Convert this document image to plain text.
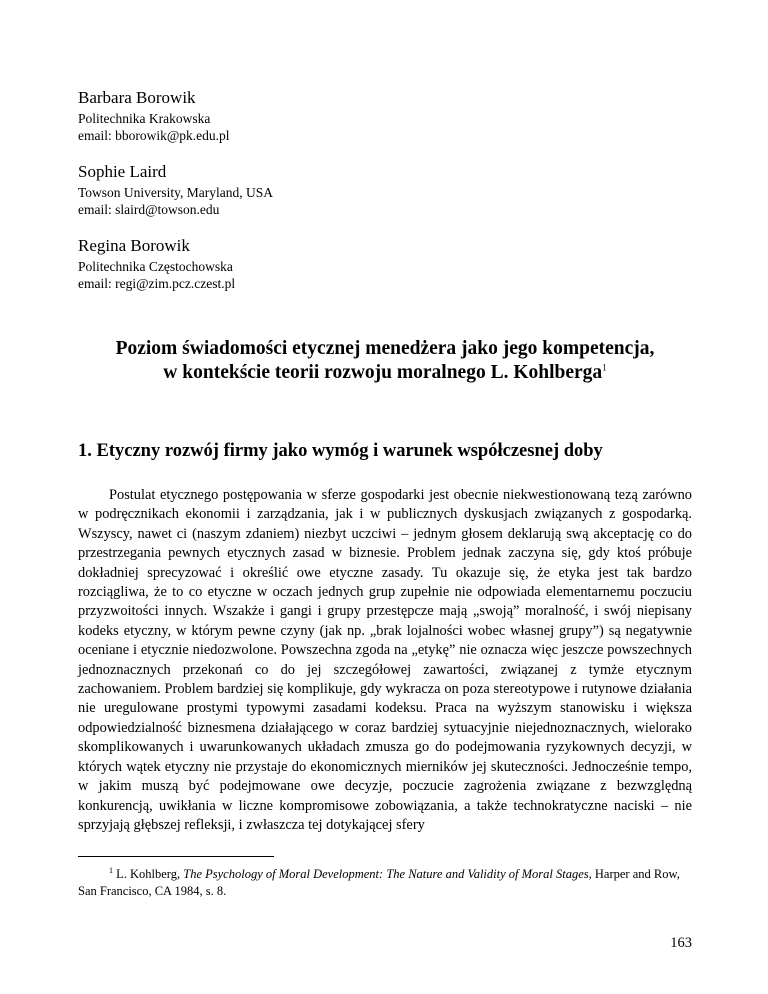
Barbara Borowik

Politechnika Krakowska

email: bborowik@pk.edu.pl

Sophie Laird

Towson University, Maryland, USA

email: slaird@towson.edu

Regina Borowik

Politechnika Częstochowska

email: regi@zim.pcz.czest.pl

Poziom świadomości etycznej menedżera jako jego kompetencja,
w kontekście teorii rozwoju moralnego L. Kohlberga$^1$
1. Etyczny rozwój firmy jako wymóg i warunek współczesnej doby

Postulat etycznego postępowania w sferze gospodarki jest obecnie niekwestionowaną tezą zarówno w podręcznikach ekonomii i zarządzania, jak i w publicznych dyskusjach związanych z gospodarką. Wszyscy, nawet ci (naszym zdaniem) niezbyt uczciwi – jednym głosem deklarują swą akceptację co do przestrzegania pewnych etycznych zasad w biznesie. Problem jednak zaczyna się, gdy ktoś próbuje dokładniej sprecyzować i określić owe etyczne zasady. Tu okazuje się, że etyka jest tak bardzo rozciągliwa, że to co etyczne w oczach jednych grup zupełnie nie odpowiada elementarnemu poczuciu przyzwoitości innych. Wszakże i gangi i grupy przestępcze mają „swoją” moralność, i swój niepisany kodeks etyczny, w którym pewne czyny (jak np. „brak lojalności wobec własnej grupy”) są negatywnie oceniane i etycznie niedozwolone. Powszechna zgoda na „etykę” nie oznacza więc jeszcze powszechnych jednoznacznych przekonań co do jej szczegółowej zawartości, związanej z tymże etycznym zachowaniem. Problem bardziej się komplikuje, gdy wykracza on poza stereotypowe i rutynowe działania nie uregulowane prostymi typowymi zasadami kodeksu. Praca na wyższym stanowisku i większa odpowiedzialność biznesmena działającego w coraz bardziej sytuacyjnie niejednoznacznych, wielorako skomplikowanych i uwarunkowanych układach zmusza go do podejmowania ryzykownych decyzji, w których wątek etyczny nie przystaje do ekonomicznych mierników jej skuteczności. Jednocześnie tempo, w jakim muszą być podejmowane owe decyzje, poczucie zagrożenia związane z bezwzględną konkurencją, uwikłania w liczne kompromisowe zobowiązania, a także technokratyczne naciski – nie sprzyjają głębszej refleksji, i zwłaszcza tej dotykającej sfery

$^1$ L. Kohlberg, The Psychology of Moral Development: The Nature and Validity of Moral Stages, Harper and Row, San Francisco, CA 1984, s. 8.

163
